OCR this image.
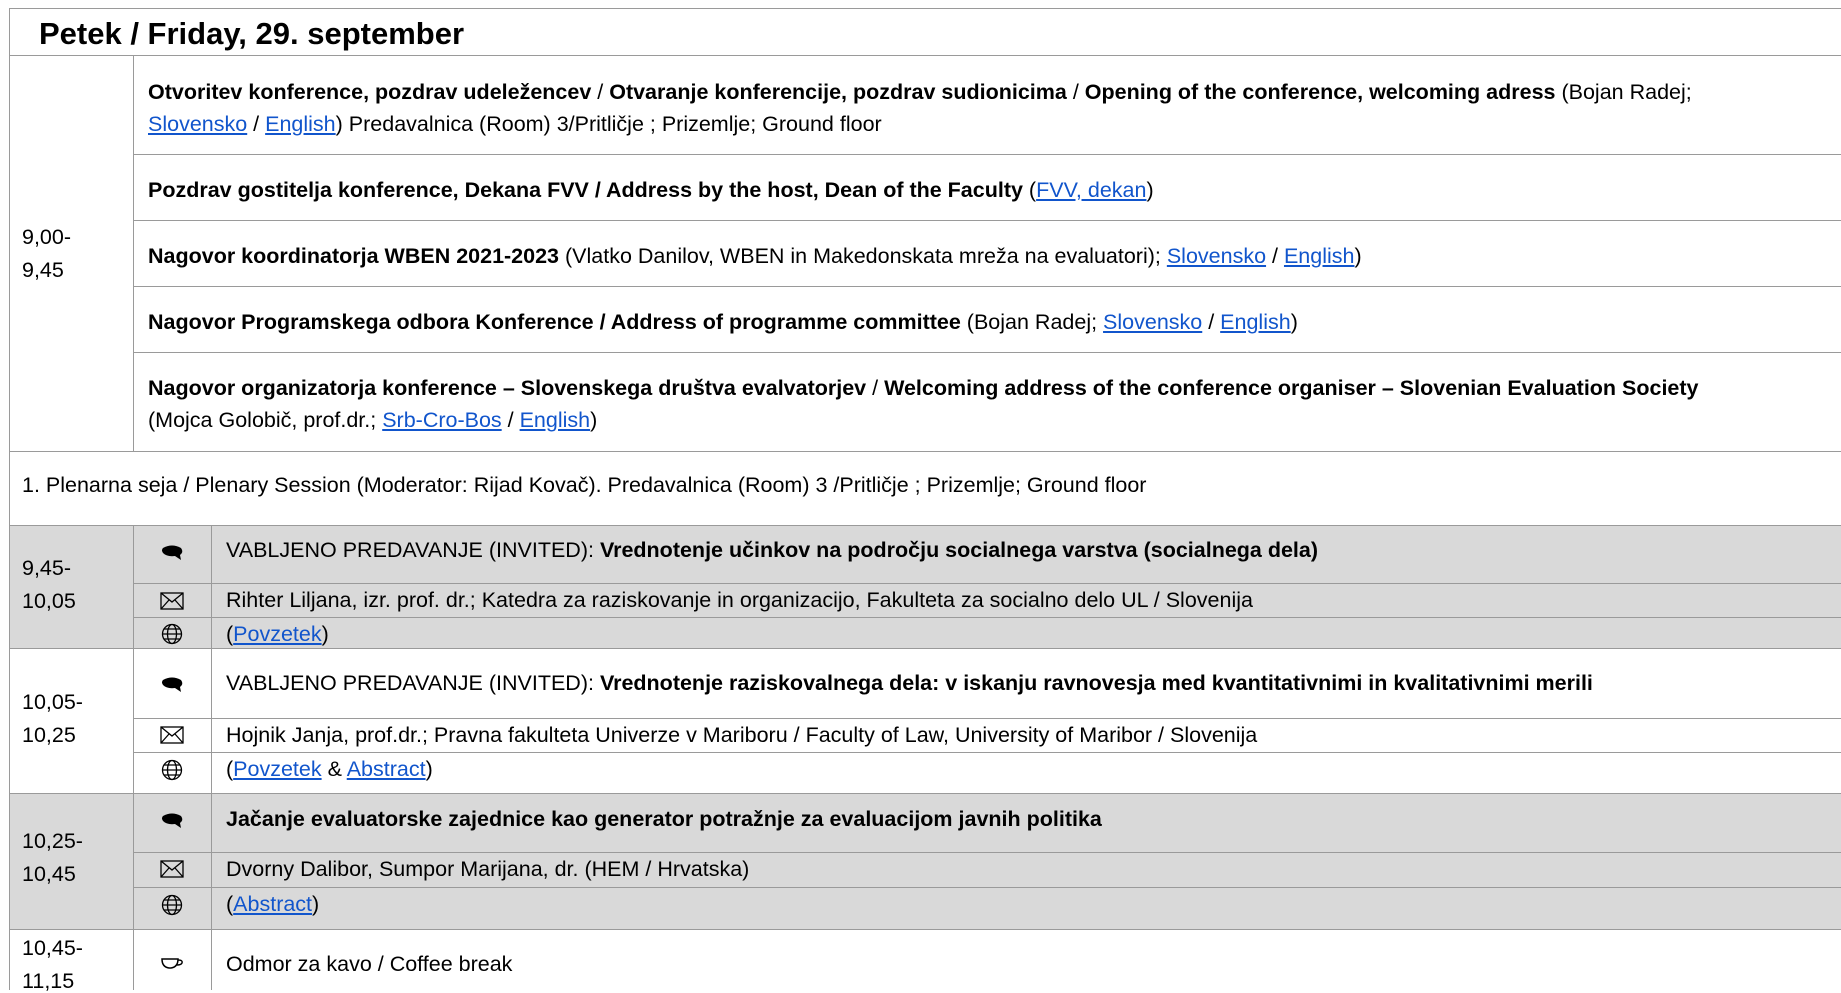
Petek / Friday, 29. september
9,00-
9,45
Otvoritev konference, pozdrav udeležencev / Otvaranje konferencije, pozdrav sudionicima / Opening of the conference, welcoming adress (Bojan Radej;
Slovensko / English) Predavalnica (Room) 3/Pritličje ; Prizemlje; Ground floor
Pozdrav gostitelja konference, Dekana FVV / Address by the host, Dean of the Faculty (FVV, dekan)
Nagovor koordinatorja WBEN 2021-2023 (Vlatko Danilov, WBEN in Makedonskata mreža na evaluatori); Slovensko / English)
Nagovor Programskega odbora Konference / Address of programme committee (Bojan Radej; Slovensko / English)
Nagovor organizatorja konference – Slovenskega društva evalvatorjev / Welcoming address of the conference organiser – Slovenian Evaluation Society
(Mojca Golobič, prof.dr.; Srb-Cro-Bos / English)
1. Plenarna seja / Plenary Session (Moderator: Rijad Kovač). Predavalnica (Room) 3 /Pritličje ; Prizemlje; Ground floor
9,45-
10,05
VABLJENO PREDAVANJE (INVITED): Vrednotenje učinkov na področju socialnega varstva (socialnega dela)
Rihter Liljana, izr. prof. dr.; Katedra za raziskovanje in organizacijo, Fakulteta za socialno delo UL / Slovenija
(Povzetek)
10,05-
10,25
VABLJENO PREDAVANJE (INVITED): Vrednotenje raziskovalnega dela: v iskanju ravnovesja med kvantitativnimi in kvalitativnimi merili
Hojnik Janja, prof.dr.; Pravna fakulteta Univerze v Mariboru / Faculty of Law, University of Maribor / Slovenija
(Povzetek & Abstract)
10,25-
10,45
Jačanje evaluatorske zajednice kao generator potražnje za evaluacijom javnih politika
Dvorny Dalibor, Sumpor Marijana, dr. (HEM / Hrvatska)
(Abstract)
10,45-
11,15
Odmor za kavo / Coffee break
